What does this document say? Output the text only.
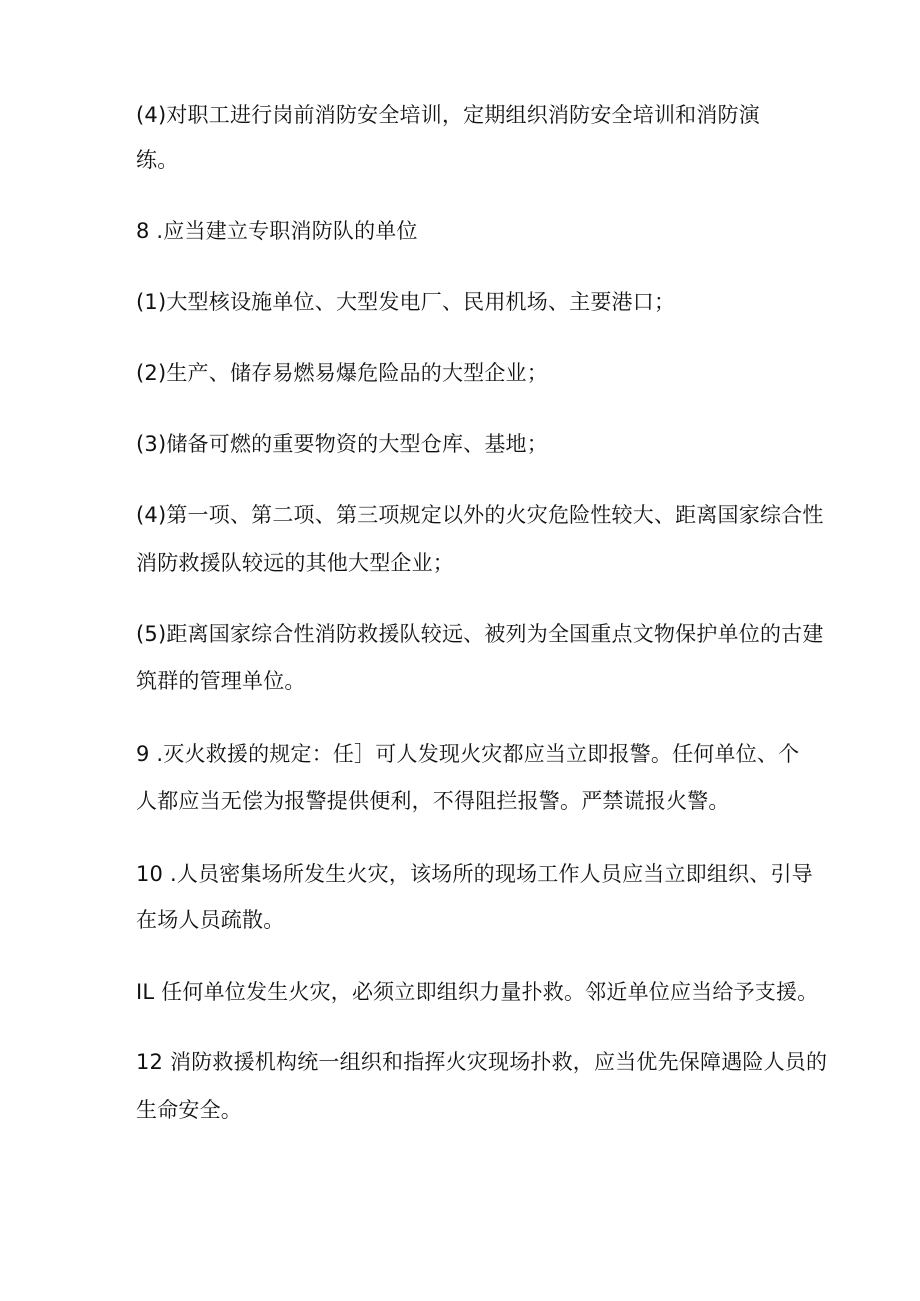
(4)对职工进行岗前消防安全培训，定期组织消防安全培训和消防演
练。
8 .应当建立专职消防队的单位
(1)大型核设施单位、大型发电厂、民用机场、主要港口；
(2)生产、储存易燃易爆危险品的大型企业；
(3)储备可燃的重要物资的大型仓库、基地；
(4)第一项、第二项、第三项规定以外的火灾危险性较大、距离国家综合性
消防救援队较远的其他大型企业；
(5)距离国家综合性消防救援队较远、被列为全国重点文物保护单位的古建
筑群的管理单位。
9 .灭火救援的规定：任］可人发现火灾都应当立即报警。任何单位、个
人都应当无偿为报警提供便利，不得阻拦报警。严禁谎报火警。
10 .人员密集场所发生火灾，该场所的现场工作人员应当立即组织、引导
在场人员疏散。
IL 任何单位发生火灾，必须立即组织力量扑救。邻近单位应当给予支援。
12 消防救援机构统一组织和指挥火灾现场扑救，应当优先保障遇险人员的
生命安全。
